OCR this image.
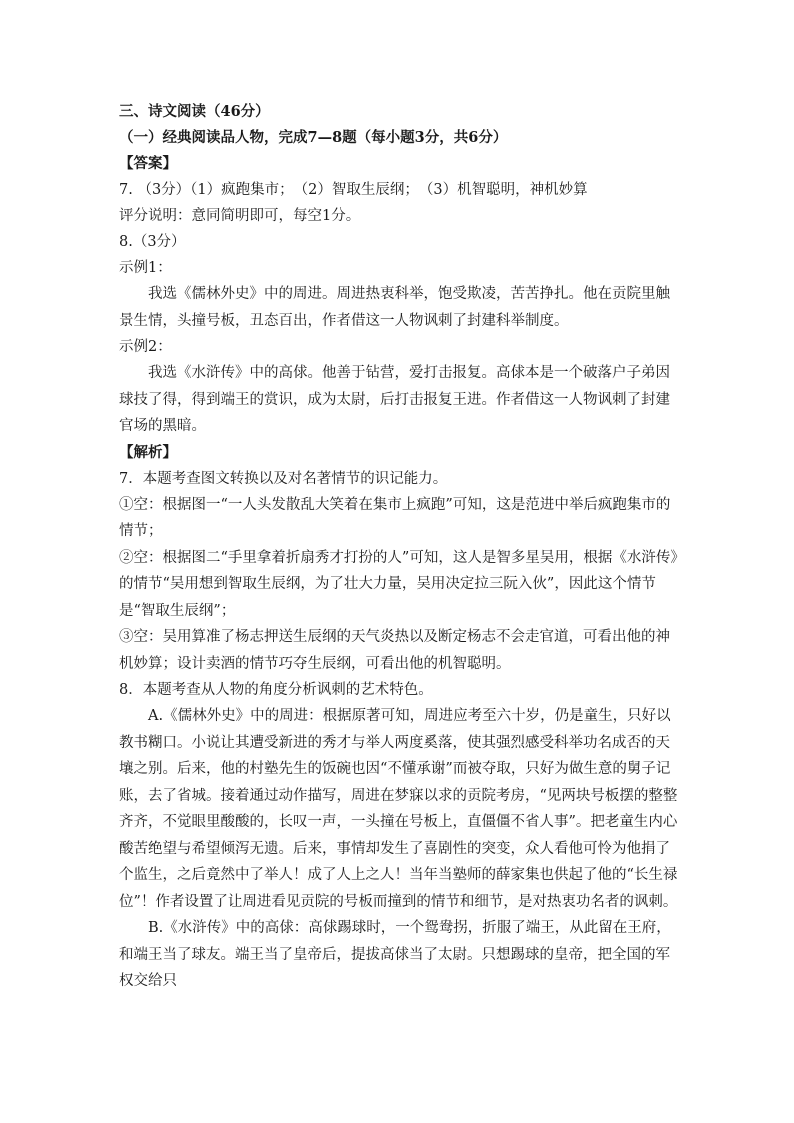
三、诗文阅读（46分）
（一）经典阅读品人物，完成7—8题（每小题3分，共6分）
【答案】
7. （3分）（1）疯跑集市；　（2）智取生辰纲；　（3）机智聪明，神机妙算
评分说明：意同简明即可，每空1分。
8.（3分）
示例1：
我选《儒林外史》中的周进。周进热衷科举，饱受欺凌，苦苦挣扎。他在贡院里触景生情，头撞号板，丑态百出，作者借这一人物讽刺了封建科举制度。
示例2：
我选《水浒传》中的高俅。他善于钻营，爱打击报复。高俅本是一个破落户子弟因球技了得，得到端王的赏识，成为太尉，后打击报复王进。作者借这一人物讽刺了封建官场的黑暗。
【解析】
7．本题考查图文转换以及对名著情节的识记能力。
①空：根据图一“一人头发散乱大笑着在集市上疯跑”可知，这是范进中举后疯跑集市的情节；
②空：根据图二“手里拿着折扇秀才打扮的人”可知，这人是智多星吴用，根据《水浒传》的情节“吴用想到智取生辰纲，为了壮大力量，吴用决定拉三阮入伙”，因此这个情节是“智取生辰纲”；
③空：吴用算准了杨志押送生辰纲的天气炎热以及断定杨志不会走官道，可看出他的神机妙算；设计卖酒的情节巧夺生辰纲，可看出他的机智聪明。
8．本题考查从人物的角度分析讽刺的艺术特色。
A.《儒林外史》中的周进：根据原著可知，周进应考至六十岁，仍是童生，只好以教书糊口。小说让其遭受新进的秀才与举人两度奚落，使其强烈感受科举功名成否的天壤之别。后来，他的村塾先生的饭碗也因“不懂承谢”而被夺取，只好为做生意的舅子记账，去了省城。接着通过动作描写，周进在梦寐以求的贡院考房，“见两块号板摆的整整齐齐，不觉眼里酸酸的，长叹一声，一头撞在号板上，直僵僵不省人事”。把老童生内心酸苦绝望与希望倾泻无遗。后来，事情却发生了喜剧性的突变，众人看他可怜为他捐了个监生，之后竟然中了举人！成了人上之人！当年当塾师的薛家集也供起了他的“长生禄位”！作者设置了让周进看见贡院的号板而撞到的情节和细节，是对热衷功名者的讽刺。
B.《水浒传》中的高俅：高俅踢球时，一个鸳鸯拐，折服了端王，从此留在王府，和端王当了球友。端王当了皇帝后，提拔高俅当了太尉。只想踢球的皇帝，把全国的军权交给只
